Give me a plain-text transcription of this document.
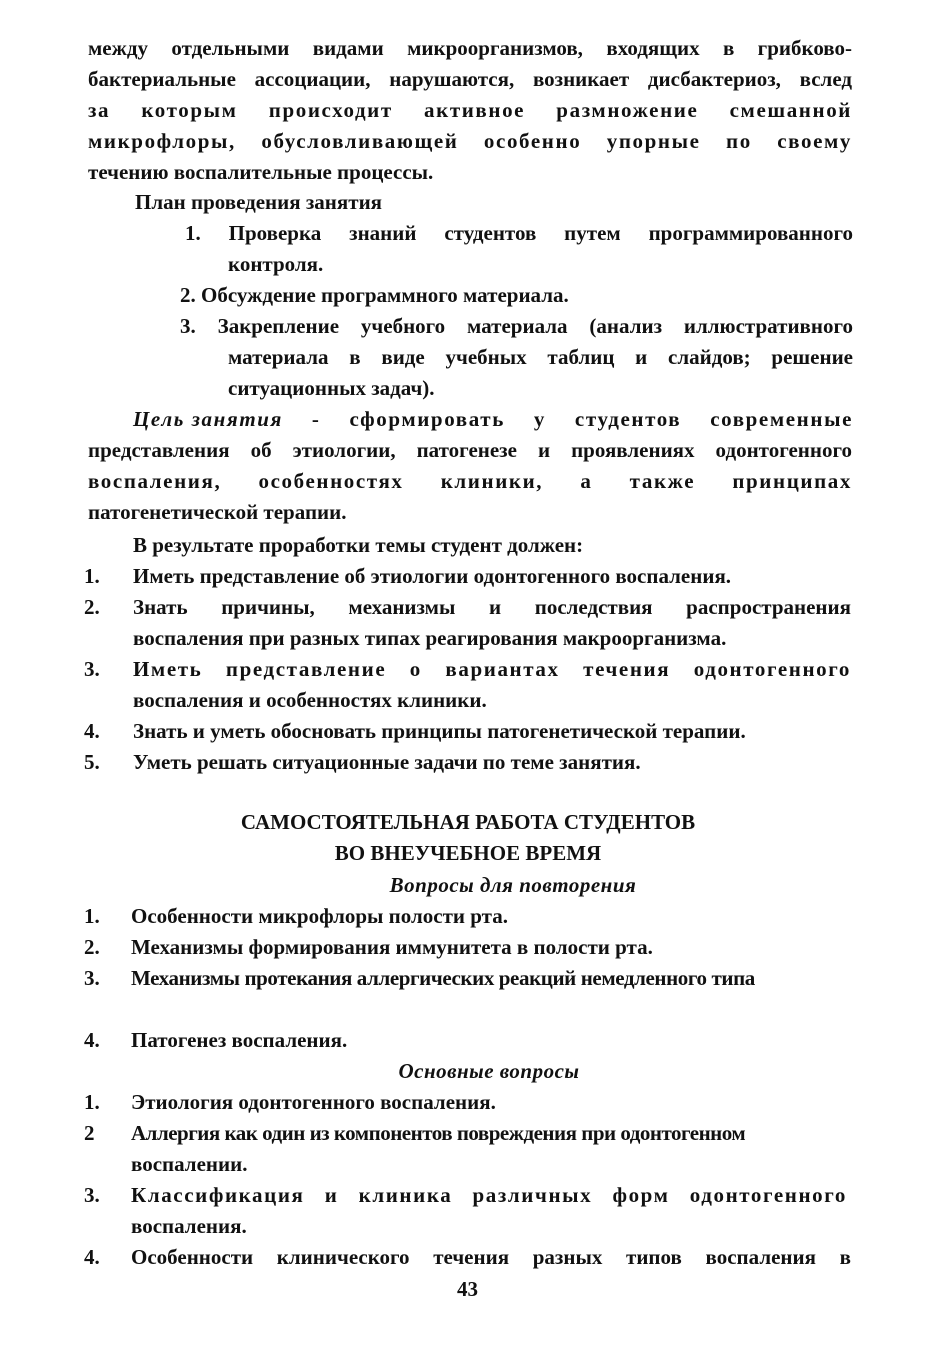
между отдельными видами микроорганизмов, входящих в грибково-
бактериальные ассоциации, нарушаются, возникает дисбактериоз, вслед
за которым происходит активное размножение смешанной
микрофлоры, обусловливающей особенно упорные по своему
течению воспалительные процессы.
План проведения занятия
1. Проверка знаний студентов путем программированного
контроля.
2. Обсуждение программного материала.
3. Закрепление учебного материала (анализ иллюстративного
материала в виде учебных таблиц и слайдов; решение
ситуационных задач).
Цель занятия - сформировать у студентов современные
представления об этиологии, патогенезе и проявлениях одонтогенного
воспаления, особенностях клиники, а также принципах
патогенетической терапии.
В результате проработки темы студент должен:
1.	Иметь представление об этиологии одонтогенного воспаления.
2.	Знать причины, механизмы и последствия распространения
воспаления при разных типах реагирования макроорганизма.
3.	Иметь представление о вариантах течения одонтогенного
воспаления и особенностях клиники.
4.	Знать и уметь обосновать принципы патогенетической терапии.
5.	Уметь решать ситуационные задачи по теме занятия.
САМОСТОЯТЕЛЬНАЯ РАБОТА СТУДЕНТОВ
ВО ВНЕУЧЕБНОЕ ВРЕМЯ
Вопросы для повторения
1.	Особенности микрофлоры полости рта.
2.	Механизмы формирования иммунитета в полости рта.
3.	Механизмы протекания аллергических реакций немедленного типа
4.	Патогенез воспаления.
Основные вопросы
1.	Этиология одонтогенного воспаления.
2	Аллергия как один из компонентов повреждения при одонтогенном
воспалении.
3.	Классификация и клиника различных форм одонтогенного
воспаления.
4.	Особенности клинического течения разных типов воспаления в
43
